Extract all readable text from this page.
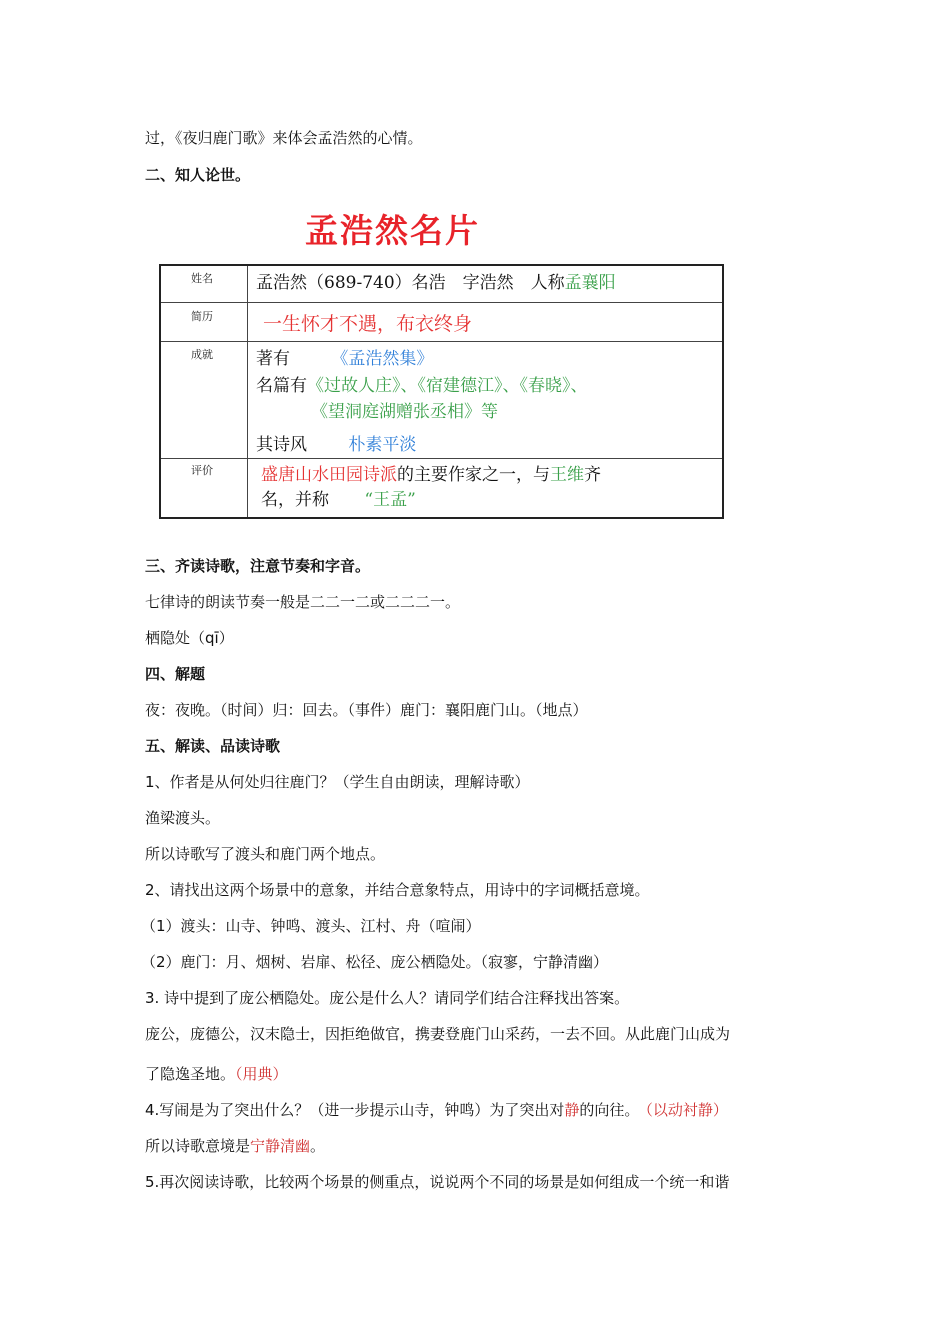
过，《夜归鹿门歌》来体会孟浩然的心情。
二、知人论世。
孟浩然名片
姓名
简历
成就
评价
孟浩然（689-740）名浩　字浩然　人称孟襄阳
一生怀才不遇，布衣终身
著有 《孟浩然集》
名篇有《过故人庄》、《宿建德江》、《春晓》、
《望洞庭湖赠张丞相》等
其诗风 朴素平淡
盛唐山水田园诗派的主要作家之一，与王维齐
名，并称 “王孟”
三、齐读诗歌，注意节奏和字音。
七律诗的朗读节奏一般是二二一二或二二二一。
栖隐处（qī）
四、解题
夜：夜晚。（时间）归：回去。（事件）鹿门：襄阳鹿门山。（地点）
五、解读、品读诗歌
1、作者是从何处归往鹿门？（学生自由朗读，理解诗歌）
渔梁渡头。
所以诗歌写了渡头和鹿门两个地点。
2、请找出这两个场景中的意象，并结合意象特点，用诗中的字词概括意境。
（1）渡头：山寺、钟鸣、渡头、江村、舟（喧闹）
（2）鹿门：月、烟树、岩扉、松径、庞公栖隐处。（寂寥，宁静清幽）
3. 诗中提到了庞公栖隐处。庞公是什么人？请同学们结合注释找出答案。
庞公，庞德公，汉末隐士，因拒绝做官，携妻登鹿门山采药，一去不回。从此鹿门山成为
了隐逸圣地。（用典）
4.写闹是为了突出什么？（进一步提示山寺，钟鸣）为了突出对静的向往。 （以动衬静）
所以诗歌意境是宁静清幽。
5.再次阅读诗歌，比较两个场景的侧重点，说说两个不同的场景是如何组成一个统一和谐
